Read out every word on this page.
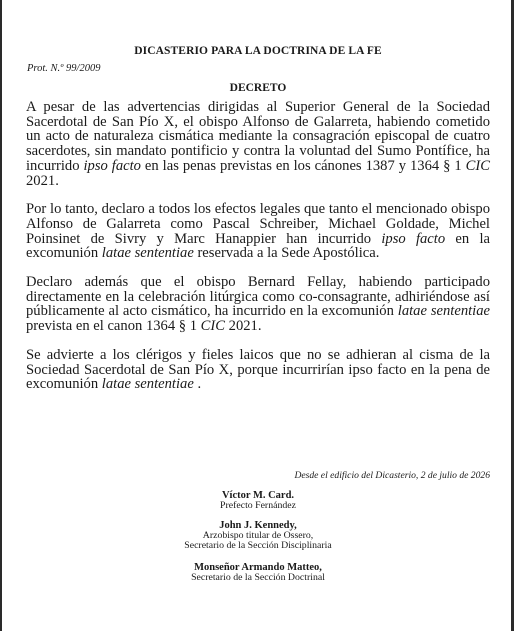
DICASTERIO PARA LA DOCTRINA DE LA FE
Prot. N.º 99/2009
DECRETO

A pesar de las advertencias dirigidas al Superior General de la Sociedad Sacerdotal de San Pío X, el obispo Alfonso de Galarreta, habiendo cometido un acto de naturaleza cismática mediante la consagración episcopal de cuatro sacerdotes, sin mandato pontificio y contra la voluntad del Sumo Pontífice, ha incurrido ipso facto en las penas previstas en los cánones 1387 y 1364 § 1 CIC 2021.

Por lo tanto, declaro a todos los efectos legales que tanto el mencionado obispo Alfonso de Galarreta como Pascal Schreiber, Michael Goldade, Michel Poinsinet de Sivry y Marc Hanappier han incurrido ipso facto en la excomunión latae sententiae reservada a la Sede Apostólica.

Declaro además que el obispo Bernard Fellay, habiendo participado directamente en la celebración litúrgica como co-consagrante, adhiriéndose así públicamente al acto cismático, ha incurrido en la excomunión latae sententiae prevista en el canon 1364 § 1 CIC 2021.

Se advierte a los clérigos y fieles laicos que no se adhieran al cisma de la Sociedad Sacerdotal de San Pío X, porque incurrirían ipso facto en la pena de excomunión latae sententiae .

Desde el edificio del Dicasterio, 2 de julio de 2026
Víctor M. Card.
Prefecto Fernández
John J. Kennedy,
Arzobispo titular de Ossero,
Secretario de la Sección Disciplinaria
Monseñor Armando Matteo,
Secretario de la Sección Doctrinal
